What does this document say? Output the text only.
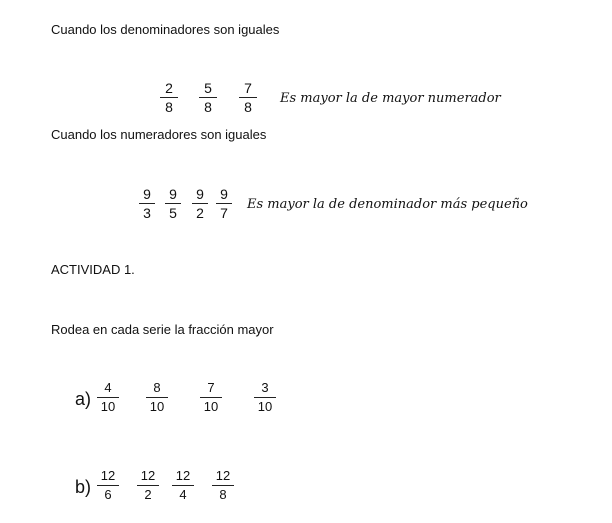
Cuando los denominadores son iguales
2
8
5
8
7
8
Es mayor la de mayor numerador
Cuando los numeradores son iguales
9
3
9
5
9
2
9
7
Es mayor la de denominador más pequeño
ACTIVIDAD 1.
Rodea en cada serie la fracción mayor
a)
4
10
8
10
7
10
3
10
b)
12
6
12
2
12
4
12
8
